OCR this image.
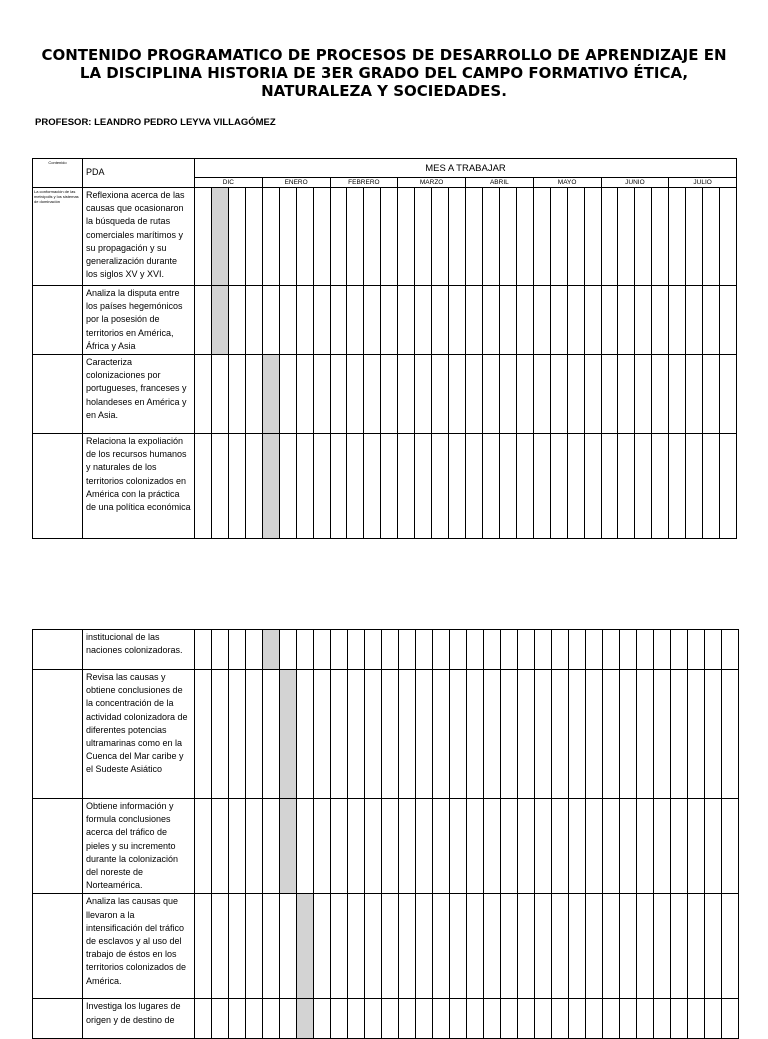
CONTENIDO PROGRAMATICO DE PROCESOS DE DESARROLLO DE APRENDIZAJE EN LA DISCIPLINA HISTORIA DE 3ER GRADO DEL CAMPO FORMATIVO ÉTICA, NATURALEZA Y SOCIEDADES.
PROFESOR: LEANDRO PEDRO LEYVA VILLAGÓMEZ
Contenido	PDA	MES A TRABAJAR																															
		DIC				ENERO				FEBRERO				MARZO				ABRIL				MAYO				JUNIO				JULIO			
La conformación de las metrópolis y los sistemas de dominación	Reflexiona acerca de las causas que ocasionaron la búsqueda de rutas comerciales marítimos y su propagación y su generalización durante los siglos XV y XVI.																																
	Analiza la disputa entre los países hegemónicos por la posesión de territorios en América, África y Asia																																
	Caracteriza colonizaciones por portugueses, franceses y holandeses en América y en Asia.																																
	Relaciona la expoliación de los recursos humanos y naturales de los territorios colonizados en América con la práctica de una política económica																																
	institucional de las naciones colonizadoras.																																
	Revisa las causas y obtiene conclusiones de la concentración de la actividad colonizadora de diferentes potencias ultramarinas como en la Cuenca del Mar caribe y el Sudeste Asiático																																
	Obtiene información y formula conclusiones acerca del tráfico de pieles y su incremento durante la colonización del noreste de Norteamérica.																																
	Analiza las causas que llevaron a la intensificación del tráfico de esclavos y al uso del trabajo de éstos en los territorios colonizados de América.																																
	Investiga los lugares de origen y de destino de																																
